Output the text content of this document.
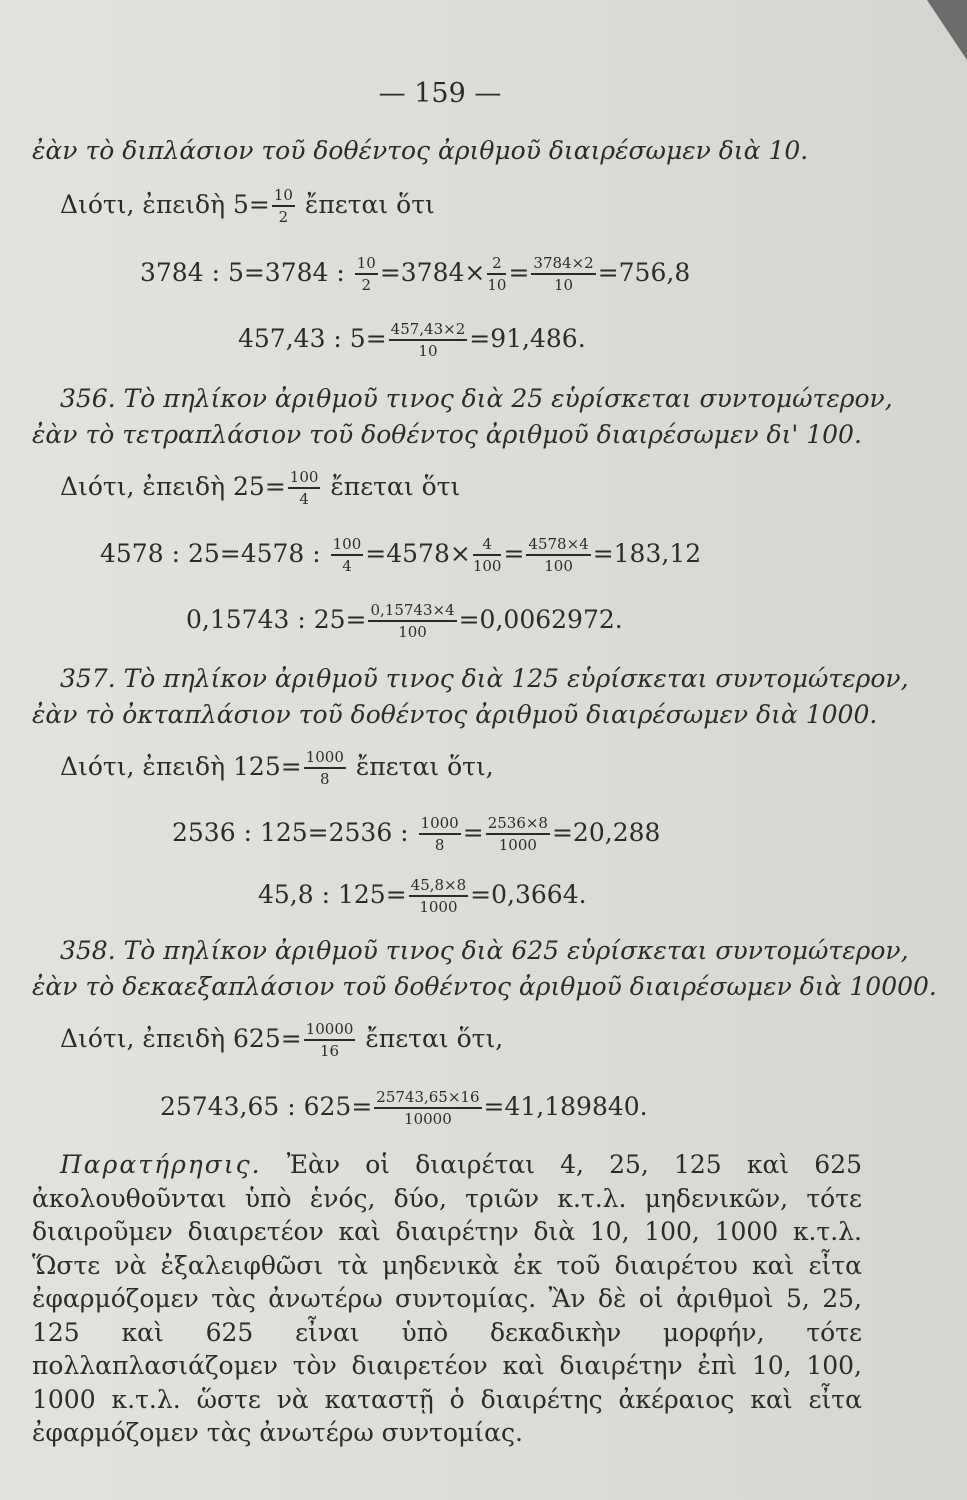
— 159 —
ἐὰν τὸ διπλάσιον τοῦ δοθέντος ἀριθμοῦ διαιρέσωμεν διὰ 10.
Διότι, ἐπειδὴ $5= \frac{10}{2}$ ἔπεται ὅτι
3784 : 5=3784 : $\frac{10}{2} =3784\times \frac{2}{10} = \frac{3784\times 2}{10} =756,8$
457,43 : $5= \frac{457,43\times 2}{10} =91,486$.
356. Τὸ πηλίκον ἀριθμοῦ τινος διὰ 25 εὑρίσκεται συντομώτερον,
ἐὰν τὸ τετραπλάσιον τοῦ δοθέντος ἀριθμοῦ διαιρέσωμεν δι' 100.
Διότι, ἐπειδὴ $25= \frac{100}{4}$ ἔπεται ὅτι
4578 : 25=4578 : $\frac{100}{4} =4578\times \frac{4}{100} = \frac{4578\times 4}{100} =183,12$
0,15743 : $25= \frac{0,15743\times 4}{100} =0,0062972$.
357. Τὸ πηλίκον ἀριθμοῦ τινος διὰ 125 εὑρίσκεται συντομώτερον,
ἐὰν τὸ ὀκταπλάσιον τοῦ δοθέντος ἀριθμοῦ διαιρέσωμεν διὰ 1000.
Διότι, ἐπειδὴ $125= \frac{1000}{8}$ ἔπεται ὅτι,
2536 : 125=2536 : $\frac{1000}{8} = \frac{2536\times 8}{1000} =20,288$
45,8 : $125= \frac{45,8\times 8}{1000} =0,3664$.
358. Τὸ πηλίκον ἀριθμοῦ τινος διὰ 625 εὑρίσκεται συντομώτερον,
ἐὰν τὸ δεκαεξαπλάσιον τοῦ δοθέντος ἀριθμοῦ διαιρέσωμεν διὰ 10000.
Διότι, ἐπειδὴ $625= \frac{10000}{16}$ ἔπεται ὅτι,
25743,65 : $625= \frac{25743,65\times 16}{10000} =41,189840$.
Παρατήρησις. Ἐὰν οἱ διαιρέται 4, 25, 125 καὶ 625 ἀκολουθοῦνται ὑπὸ ἑνός, δύο, τριῶν κ.τ.λ. μηδενικῶν, τότε διαιροῦμεν διαιρετέον καὶ διαιρέτην διὰ 10, 100, 1000 κ.τ.λ. Ὥστε νὰ ἐξαλειφθῶσι τὰ μηδενικὰ ἐκ τοῦ διαιρέτου καὶ εἶτα ἐφαρμόζομεν τὰς ἀνωτέρω συντομίας. Ἂν δὲ οἱ ἀριθμοὶ 5, 25, 125 καὶ 625 εἶναι ὑπὸ δεκαδικὴν μορφήν, τότε πολλαπλασιάζομεν τὸν διαιρετέον καὶ διαιρέτην ἐπὶ 10, 100, 1000 κ.τ.λ. ὥστε νὰ καταστῇ ὁ διαιρέτης ἀκέραιος καὶ εἶτα ἐφαρμόζομεν τὰς ἀνωτέρω συντομίας.
